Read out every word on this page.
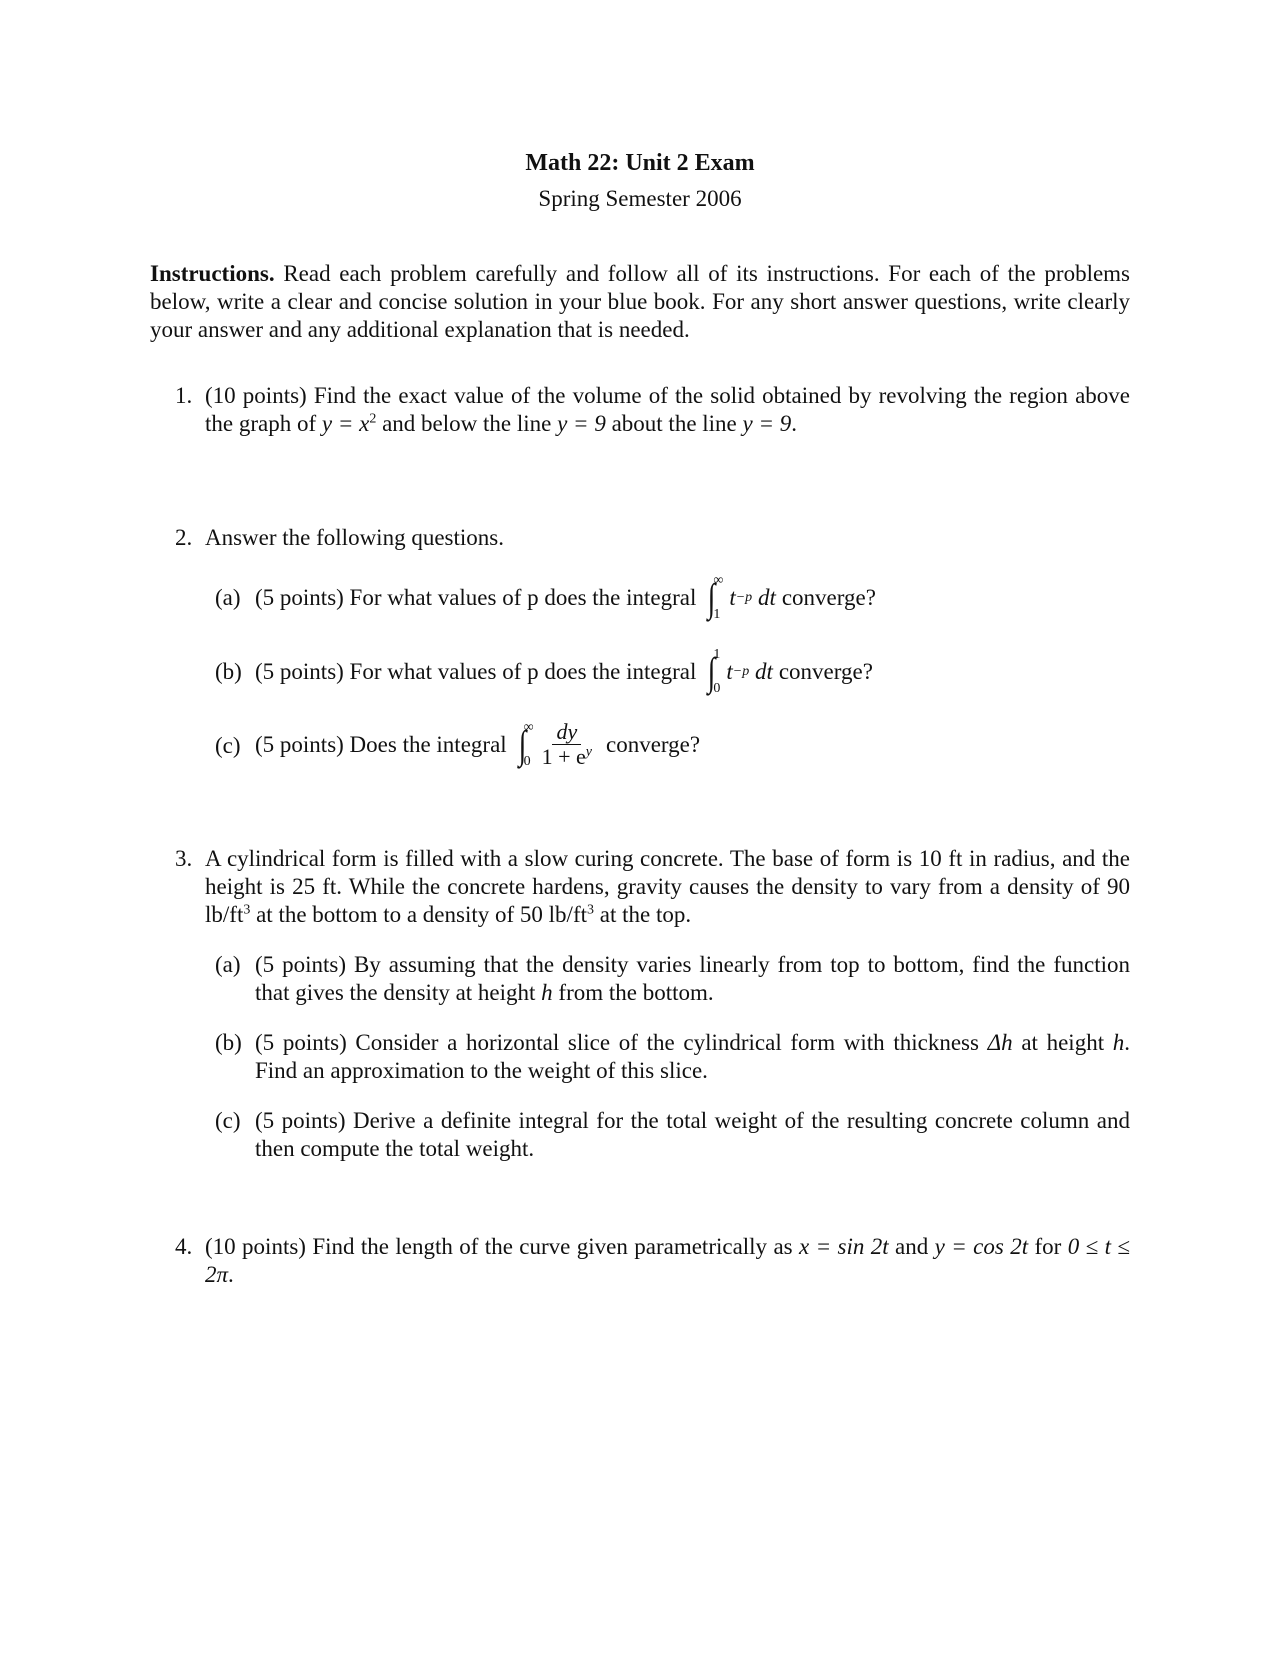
Math 22: Unit 2 Exam
Spring Semester 2006
Instructions. Read each problem carefully and follow all of its instructions. For each of the problems below, write a clear and concise solution in your blue book. For any short answer questions, write clearly your answer and any additional explanation that is needed.
1. (10 points) Find the exact value of the volume of the solid obtained by revolving the region above the graph of $y = x^2$ and below the line y = 9 about the line y = 9.
2. Answer the following questions.
(a) (5 points) For what values of p does the integral ∫
∞
1
t −p
dt converge?
(b) (5 points) For what values of p does the integral ∫
1
0
t −p
dt converge?
(c) (5 points) Does the integral ∫
∞
$0 \frac{dy}{1 + e^y}$ converge?
3. A cylindrical form is filled with a slow curing concrete. The base of form is 10 ft in radius, and the height is 25 ft. While the concrete hardens, gravity causes the density to vary from a density of 90 $lb/ft^3$ at the bottom to a density of 50 $lb/ft^3$ at the top.
(a) (5 points) By assuming that the density varies linearly from top to bottom, find the function that gives the density at height h from the bottom.
(b) (5 points) Consider a horizontal slice of the cylindrical form with thickness Δh at height h. Find an approximation to the weight of this slice.
(c) (5 points) Derive a definite integral for the total weight of the resulting concrete column and then compute the total weight.
4. (10 points) Find the length of the curve given parametrically as x = sin 2t and y = cos 2t for 0 ≤ t ≤ 2π.
